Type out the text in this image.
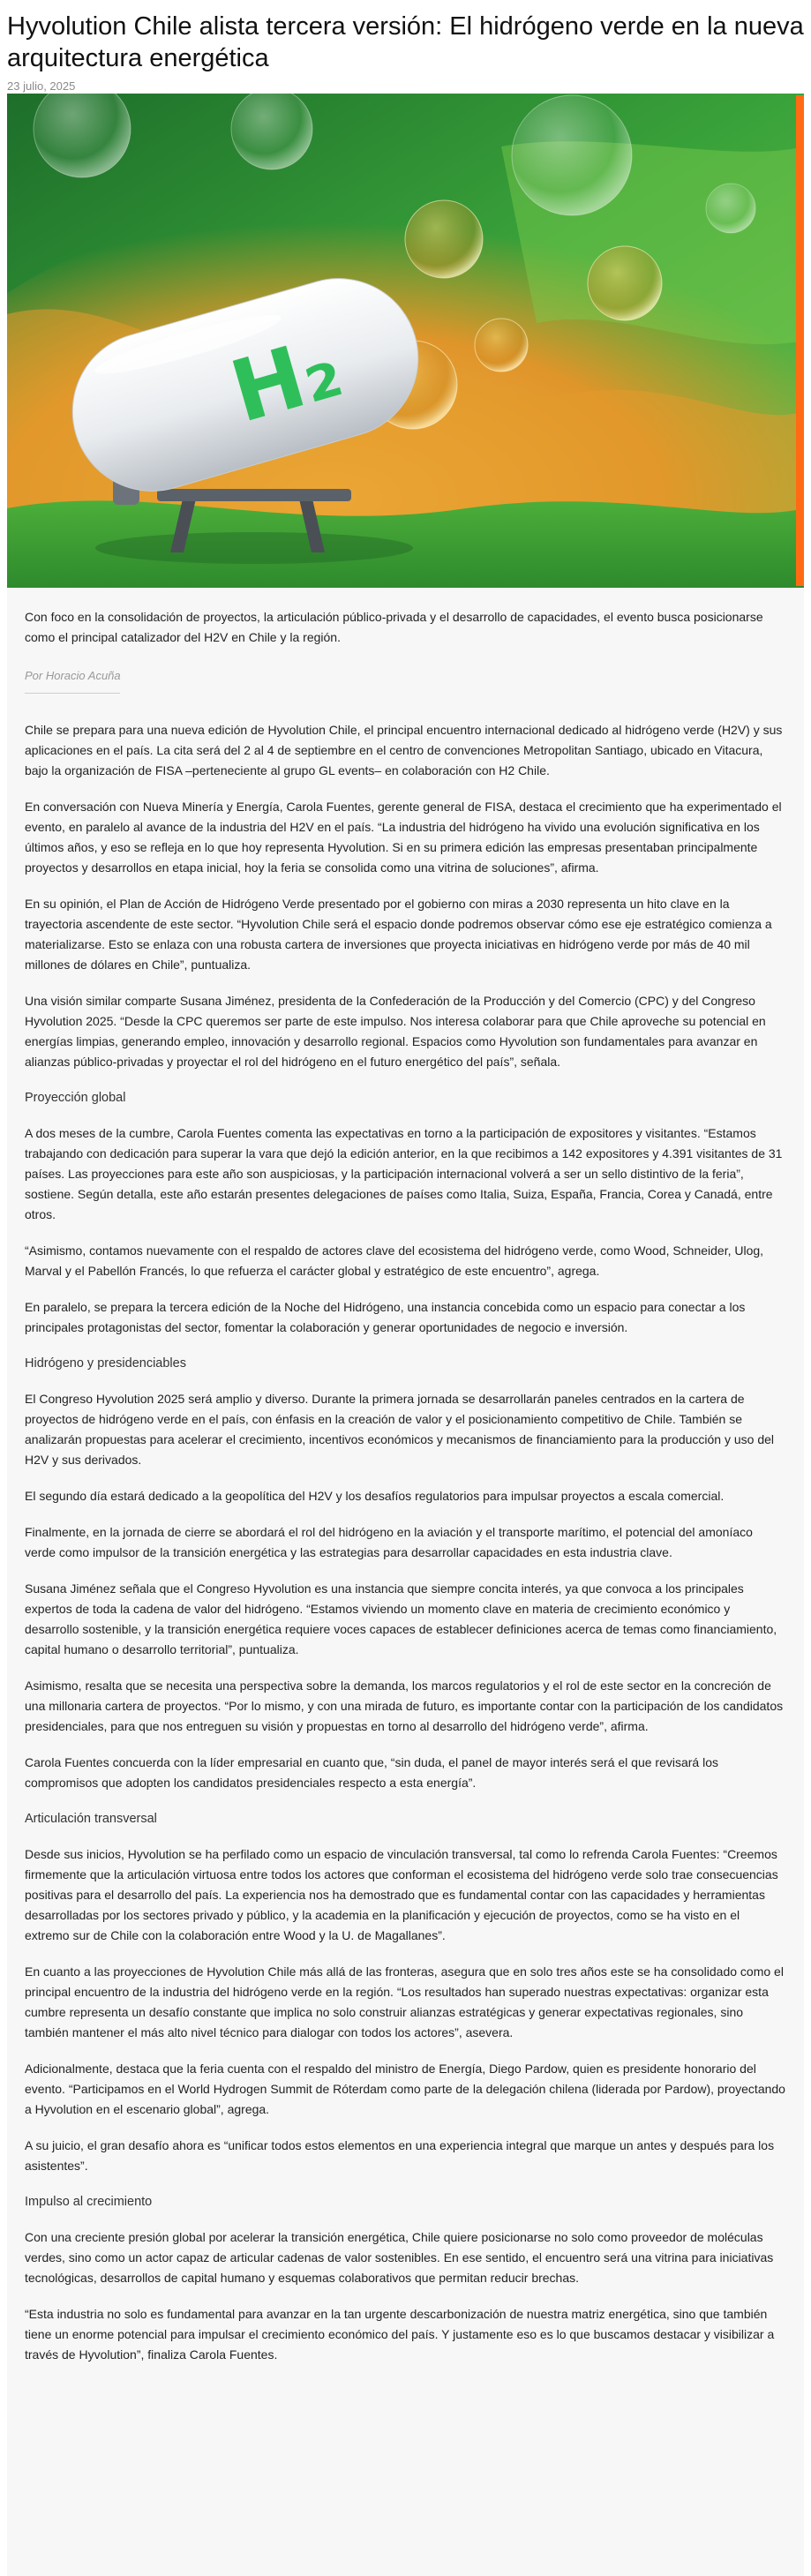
Hyvolution Chile alista tercera versión: El hidrógeno verde en la nueva arquitectura energética
23 julio, 2025
H₂

Con foco en la consolidación de proyectos, la articulación público-privada y el desarrollo de capacidades, el evento busca posicionarse como el principal catalizador del H2V en Chile y la región.

Por Horacio Acuña

Chile se prepara para una nueva edición de Hyvolution Chile, el principal encuentro internacional dedicado al hidrógeno verde (H2V) y sus aplicaciones en el país. La cita será del 2 al 4 de septiembre en el centro de convenciones Metropolitan Santiago, ubicado en Vitacura, bajo la organización de FISA –perteneciente al grupo GL events– en colaboración con H2 Chile.

En conversación con Nueva Minería y Energía, Carola Fuentes, gerente general de FISA, destaca el crecimiento que ha experimentado el evento, en paralelo al avance de la industria del H2V en el país. “La industria del hidrógeno ha vivido una evolución significativa en los últimos años, y eso se refleja en lo que hoy representa Hyvolution. Si en su primera edición las empresas presentaban principalmente proyectos y desarrollos en etapa inicial, hoy la feria se consolida como una vitrina de soluciones”, afirma.

En su opinión, el Plan de Acción de Hidrógeno Verde presentado por el gobierno con miras a 2030 representa un hito clave en la trayectoria ascendente de este sector. “Hyvolution Chile será el espacio donde podremos observar cómo ese eje estratégico comienza a materializarse. Esto se enlaza con una robusta cartera de inversiones que proyecta iniciativas en hidrógeno verde por más de 40 mil millones de dólares en Chile”, puntualiza.

Una visión similar comparte Susana Jiménez, presidenta de la Confederación de la Producción y del Comercio (CPC) y del Congreso Hyvolution 2025. “Desde la CPC queremos ser parte de este impulso. Nos interesa colaborar para que Chile aproveche su potencial en energías limpias, generando empleo, innovación y desarrollo regional. Espacios como Hyvolution son fundamentales para avanzar en alianzas público-privadas y proyectar el rol del hidrógeno en el futuro energético del país”, señala.

Proyección global

A dos meses de la cumbre, Carola Fuentes comenta las expectativas en torno a la participación de expositores y visitantes. “Estamos trabajando con dedicación para superar la vara que dejó la edición anterior, en la que recibimos a 142 expositores y 4.391 visitantes de 31 países. Las proyecciones para este año son auspiciosas, y la participación internacional volverá a ser un sello distintivo de la feria”, sostiene. Según detalla, este año estarán presentes delegaciones de países como Italia, Suiza, España, Francia, Corea y Canadá, entre otros.

“Asimismo, contamos nuevamente con el respaldo de actores clave del ecosistema del hidrógeno verde, como Wood, Schneider, Ulog, Marval y el Pabellón Francés, lo que refuerza el carácter global y estratégico de este encuentro”, agrega.

En paralelo, se prepara la tercera edición de la Noche del Hidrógeno, una instancia concebida como un espacio para conectar a los principales protagonistas del sector, fomentar la colaboración y generar oportunidades de negocio e inversión.

Hidrógeno y presidenciables

El Congreso Hyvolution 2025 será amplio y diverso. Durante la primera jornada se desarrollarán paneles centrados en la cartera de proyectos de hidrógeno verde en el país, con énfasis en la creación de valor y el posicionamiento competitivo de Chile. También se analizarán propuestas para acelerar el crecimiento, incentivos económicos y mecanismos de financiamiento para la producción y uso del H2V y sus derivados.

El segundo día estará dedicado a la geopolítica del H2V y los desafíos regulatorios para impulsar proyectos a escala comercial.

Finalmente, en la jornada de cierre se abordará el rol del hidrógeno en la aviación y el transporte marítimo, el potencial del amoníaco verde como impulsor de la transición energética y las estrategias para desarrollar capacidades en esta industria clave.

Susana Jiménez señala que el Congreso Hyvolution es una instancia que siempre concita interés, ya que convoca a los principales expertos de toda la cadena de valor del hidrógeno. “Estamos viviendo un momento clave en materia de crecimiento económico y desarrollo sostenible, y la transición energética requiere voces capaces de establecer definiciones acerca de temas como financiamiento, capital humano o desarrollo territorial”, puntualiza.

Asimismo, resalta que se necesita una perspectiva sobre la demanda, los marcos regulatorios y el rol de este sector en la concreción de una millonaria cartera de proyectos. “Por lo mismo, y con una mirada de futuro, es importante contar con la participación de los candidatos presidenciales, para que nos entreguen su visión y propuestas en torno al desarrollo del hidrógeno verde”, afirma.

Carola Fuentes concuerda con la líder empresarial en cuanto que, “sin duda, el panel de mayor interés será el que revisará los compromisos que adopten los candidatos presidenciales respecto a esta energía”.

Articulación transversal

Desde sus inicios, Hyvolution se ha perfilado como un espacio de vinculación transversal, tal como lo refrenda Carola Fuentes: “Creemos firmemente que la articulación virtuosa entre todos los actores que conforman el ecosistema del hidrógeno verde solo trae consecuencias positivas para el desarrollo del país. La experiencia nos ha demostrado que es fundamental contar con las capacidades y herramientas desarrolladas por los sectores privado y público, y la academia en la planificación y ejecución de proyectos, como se ha visto en el extremo sur de Chile con la colaboración entre Wood y la U. de Magallanes”.

En cuanto a las proyecciones de Hyvolution Chile más allá de las fronteras, asegura que en solo tres años este se ha consolidado como el principal encuentro de la industria del hidrógeno verde en la región. “Los resultados han superado nuestras expectativas: organizar esta cumbre representa un desafío constante que implica no solo construir alianzas estratégicas y generar expectativas regionales, sino también mantener el más alto nivel técnico para dialogar con todos los actores”, asevera.

Adicionalmente, destaca que la feria cuenta con el respaldo del ministro de Energía, Diego Pardow, quien es presidente honorario del evento. “Participamos en el World Hydrogen Summit de Róterdam como parte de la delegación chilena (liderada por Pardow), proyectando a Hyvolution en el escenario global”, agrega.

A su juicio, el gran desafío ahora es “unificar todos estos elementos en una experiencia integral que marque un antes y después para los asistentes”.

Impulso al crecimiento

Con una creciente presión global por acelerar la transición energética, Chile quiere posicionarse no solo como proveedor de moléculas verdes, sino como un actor capaz de articular cadenas de valor sostenibles. En ese sentido, el encuentro será una vitrina para iniciativas tecnológicas, desarrollos de capital humano y esquemas colaborativos que permitan reducir brechas.

“Esta industria no solo es fundamental para avanzar en la tan urgente descarbonización de nuestra matriz energética, sino que también tiene un enorme potencial para impulsar el crecimiento económico del país. Y justamente eso es lo que buscamos destacar y visibilizar a través de Hyvolution”, finaliza Carola Fuentes.
